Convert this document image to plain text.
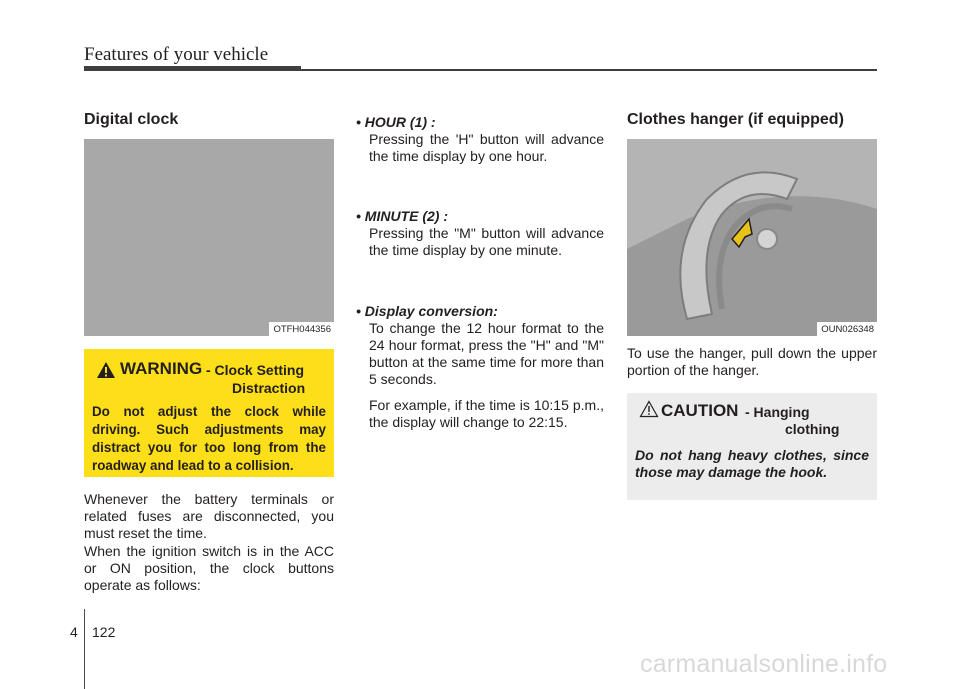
Features of your vehicle
Digital clock
OTFH044356
WARNING - Clock Setting
Distraction
Do not adjust the clock while driving. Such adjustments may distract you for too long from the roadway and lead to a collision.

Whenever the battery terminals or related fuses are disconnected, you must reset the time.

When the ignition switch is in the ACC or ON position, the clock buttons operate as follows:

• HOUR (1) :

Pressing the 'H" button will advance the time display by one hour.

• MINUTE (2) :

Pressing the "M" button will advance the time display by one minute.

• Display conversion:

To change the 12 hour format to the 24 hour format, press the "H" and "M" button at the same time for more than 5 seconds.

For example, if the time is 10:15 p.m., the display will change to 22:15.

Clothes hanger (if equipped)
OUN026348

To use the hanger, pull down the upper portion of the hanger.

CAUTION - Hanging
clothing
Do not hang heavy clothes, since those may damage the hook.
4 122
carmanualsonline.info
